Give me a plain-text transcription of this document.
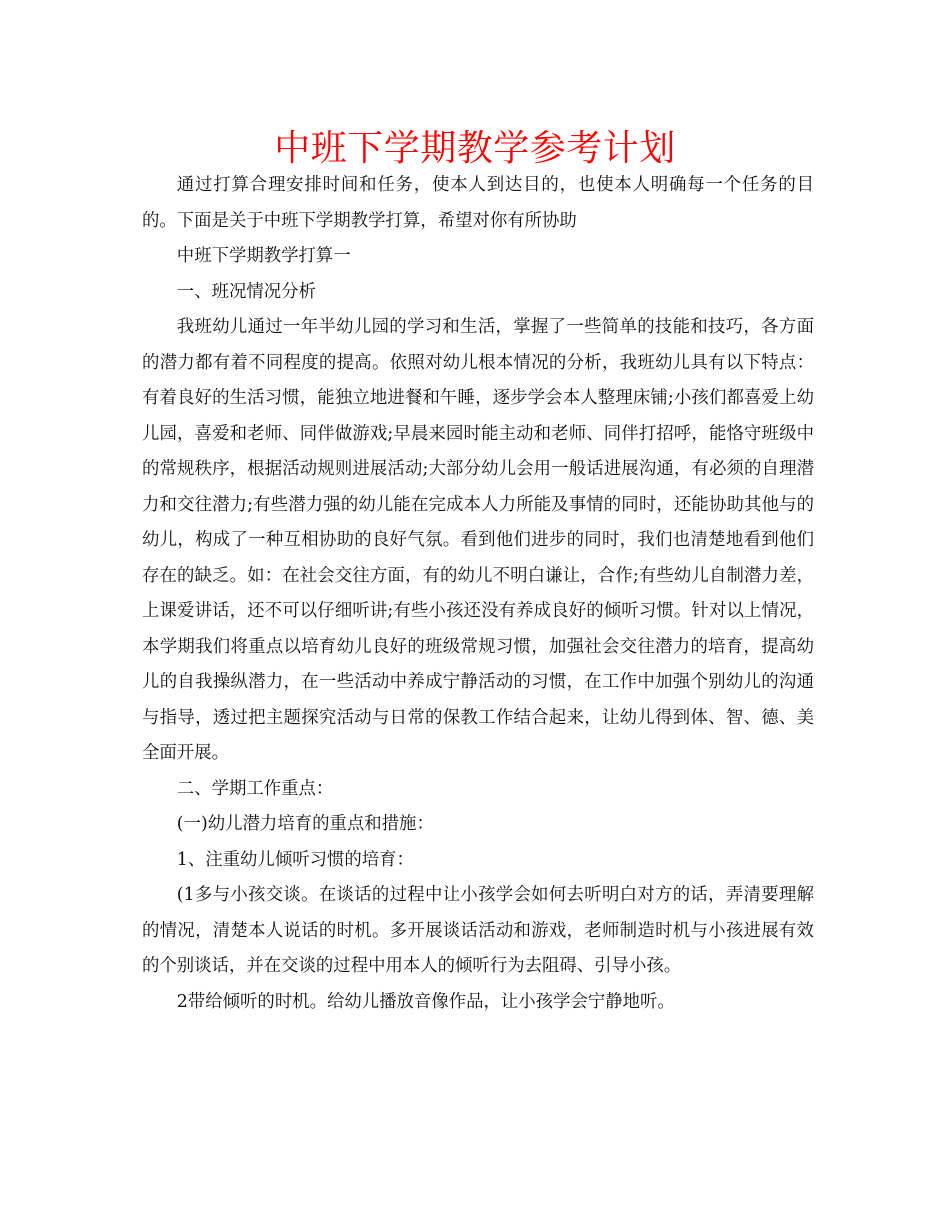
中班下学期教学参考计划

通过打算合理安排时间和任务，使本人到达目的，也使本人明确每一个任务的目的。下面是关于中班下学期教学打算，希望对你有所协助

中班下学期教学打算一

一、班况情况分析

我班幼儿通过一年半幼儿园的学习和生活，掌握了一些简单的技能和技巧，各方面的潜力都有着不同程度的提高。依照对幼儿根本情况的分析，我班幼儿具有以下特点：有着良好的生活习惯，能独立地进餐和午睡，逐步学会本人整理床铺;小孩们都喜爱上幼儿园，喜爱和老师、同伴做游戏;早晨来园时能主动和老师、同伴打招呼，能恪守班级中的常规秩序，根据活动规则进展活动;大部分幼儿会用一般话进展沟通，有必须的自理潜力和交往潜力;有些潜力强的幼儿能在完成本人力所能及事情的同时，还能协助其他与的幼儿，构成了一种互相协助的良好气氛。看到他们进步的同时，我们也清楚地看到他们存在的缺乏。如：在社会交往方面，有的幼儿不明白谦让，合作;有些幼儿自制潜力差，上课爱讲话，还不可以仔细听讲;有些小孩还没有养成良好的倾听习惯。针对以上情况，本学期我们将重点以培育幼儿良好的班级常规习惯，加强社会交往潜力的培育，提高幼儿的自我操纵潜力，在一些活动中养成宁静活动的习惯，在工作中加强个别幼儿的沟通与指导，透过把主题探究活动与日常的保教工作结合起来，让幼儿得到体、智、德、美全面开展。

二、学期工作重点：

(一)幼儿潜力培育的重点和措施：

1、注重幼儿倾听习惯的培育：

(1多与小孩交谈。在谈话的过程中让小孩学会如何去听明白对方的话，弄清要理解的情况，清楚本人说话的时机。多开展谈话活动和游戏，老师制造时机与小孩进展有效的个别谈话，并在交谈的过程中用本人的倾听行为去阻碍、引导小孩。

2带给倾听的时机。给幼儿播放音像作品，让小孩学会宁静地听。
